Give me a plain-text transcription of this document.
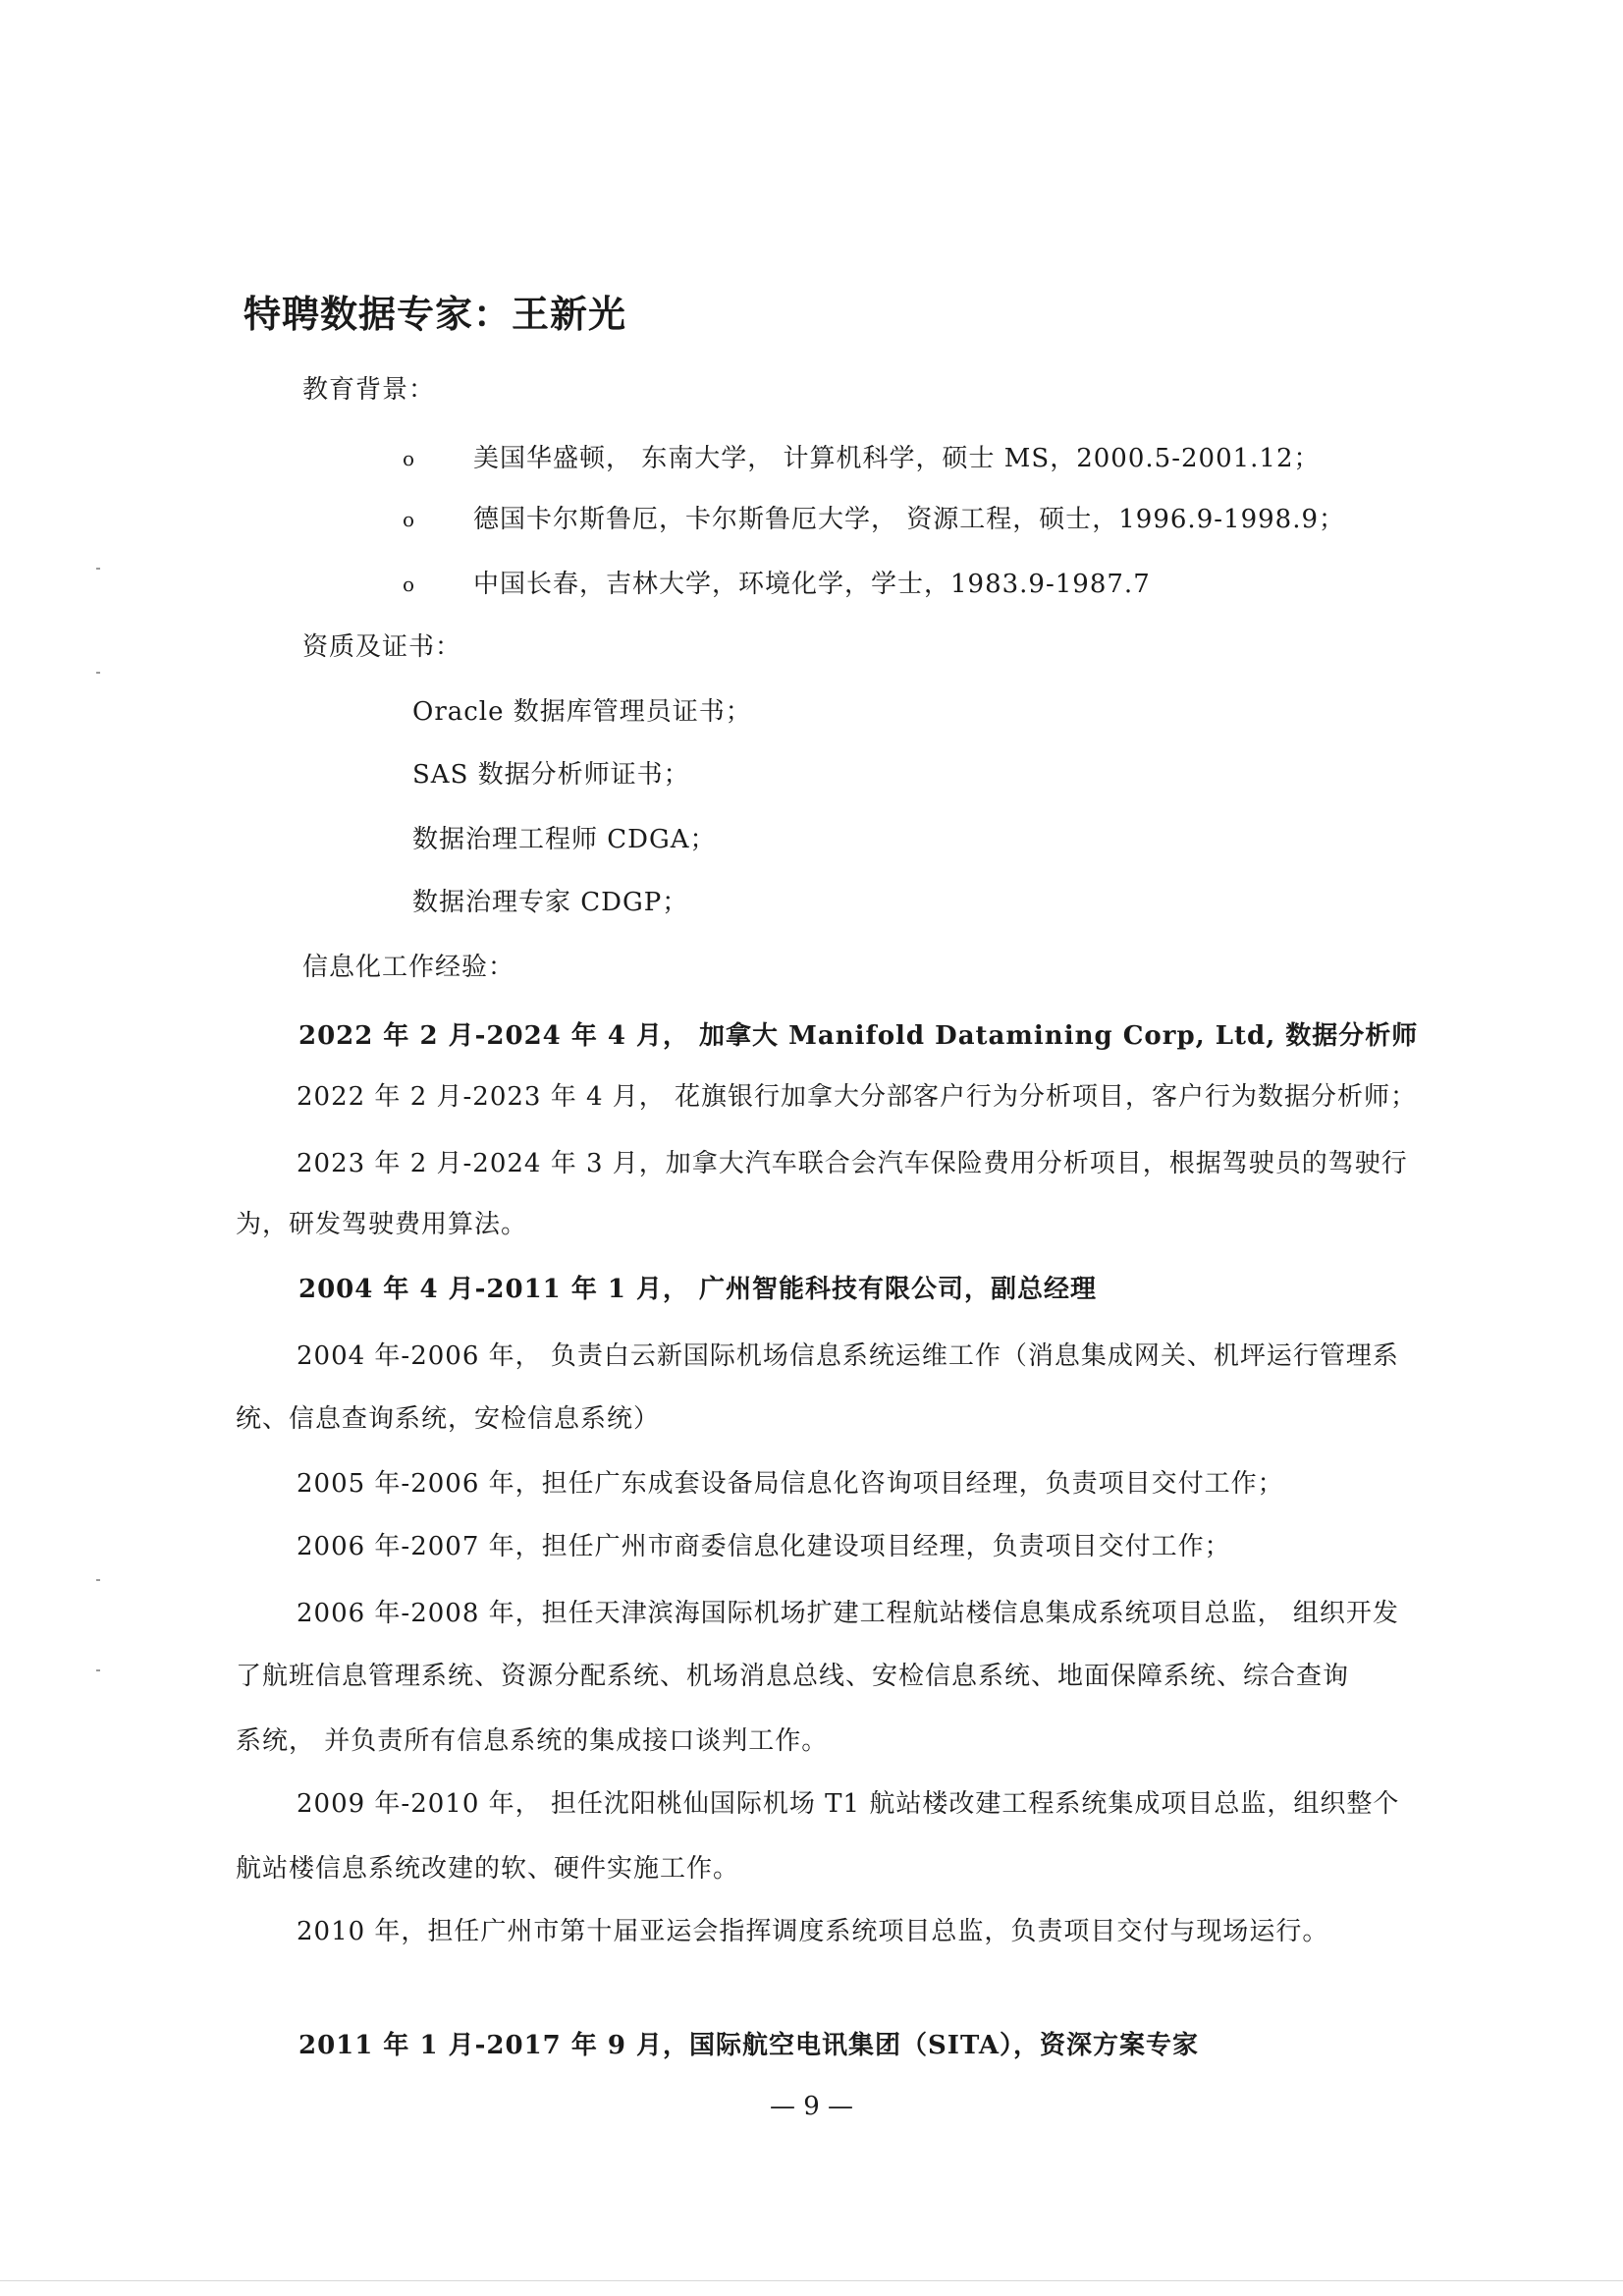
特聘数据专家：王新光
教育背景：
o 美国华盛顿， 东南大学， 计算机科学，硕士 MS，2000.5-2001.12；
o 德国卡尔斯鲁厄，卡尔斯鲁厄大学， 资源工程，硕士，1996.9-1998.9；
o 中国长春，吉林大学，环境化学，学士，1983.9-1987.7
资质及证书：
Oracle 数据库管理员证书；
SAS 数据分析师证书；
数据治理工程师 CDGA；
数据治理专家 CDGP；
信息化工作经验：
2022 年 2 月-2024 年 4 月， 加拿大 Manifold Datamining Corp, Ltd, 数据分析师
2022 年 2 月-2023 年 4 月， 花旗银行加拿大分部客户行为分析项目，客户行为数据分析师；
2023 年 2 月-2024 年 3 月，加拿大汽车联合会汽车保险费用分析项目，根据驾驶员的驾驶行
为，研发驾驶费用算法。
2004 年 4 月-2011 年 1 月， 广州智能科技有限公司，副总经理
2004 年-2006 年， 负责白云新国际机场信息系统运维工作（消息集成网关、机坪运行管理系
统、信息查询系统，安检信息系统）
2005 年-2006 年，担任广东成套设备局信息化咨询项目经理，负责项目交付工作；
2006 年-2007 年，担任广州市商委信息化建设项目经理，负责项目交付工作；
2006 年-2008 年，担任天津滨海国际机场扩建工程航站楼信息集成系统项目总监， 组织开发
了航班信息管理系统、资源分配系统、机场消息总线、安检信息系统、地面保障系统、综合查询
系统， 并负责所有信息系统的集成接口谈判工作。
2009 年-2010 年， 担任沈阳桃仙国际机场 T1 航站楼改建工程系统集成项目总监，组织整个
航站楼信息系统改建的软、硬件实施工作。
2010 年，担任广州市第十届亚运会指挥调度系统项目总监，负责项目交付与现场运行。
2011 年 1 月-2017 年 9 月，国际航空电讯集团（SITA），资深方案专家
— 9 —
